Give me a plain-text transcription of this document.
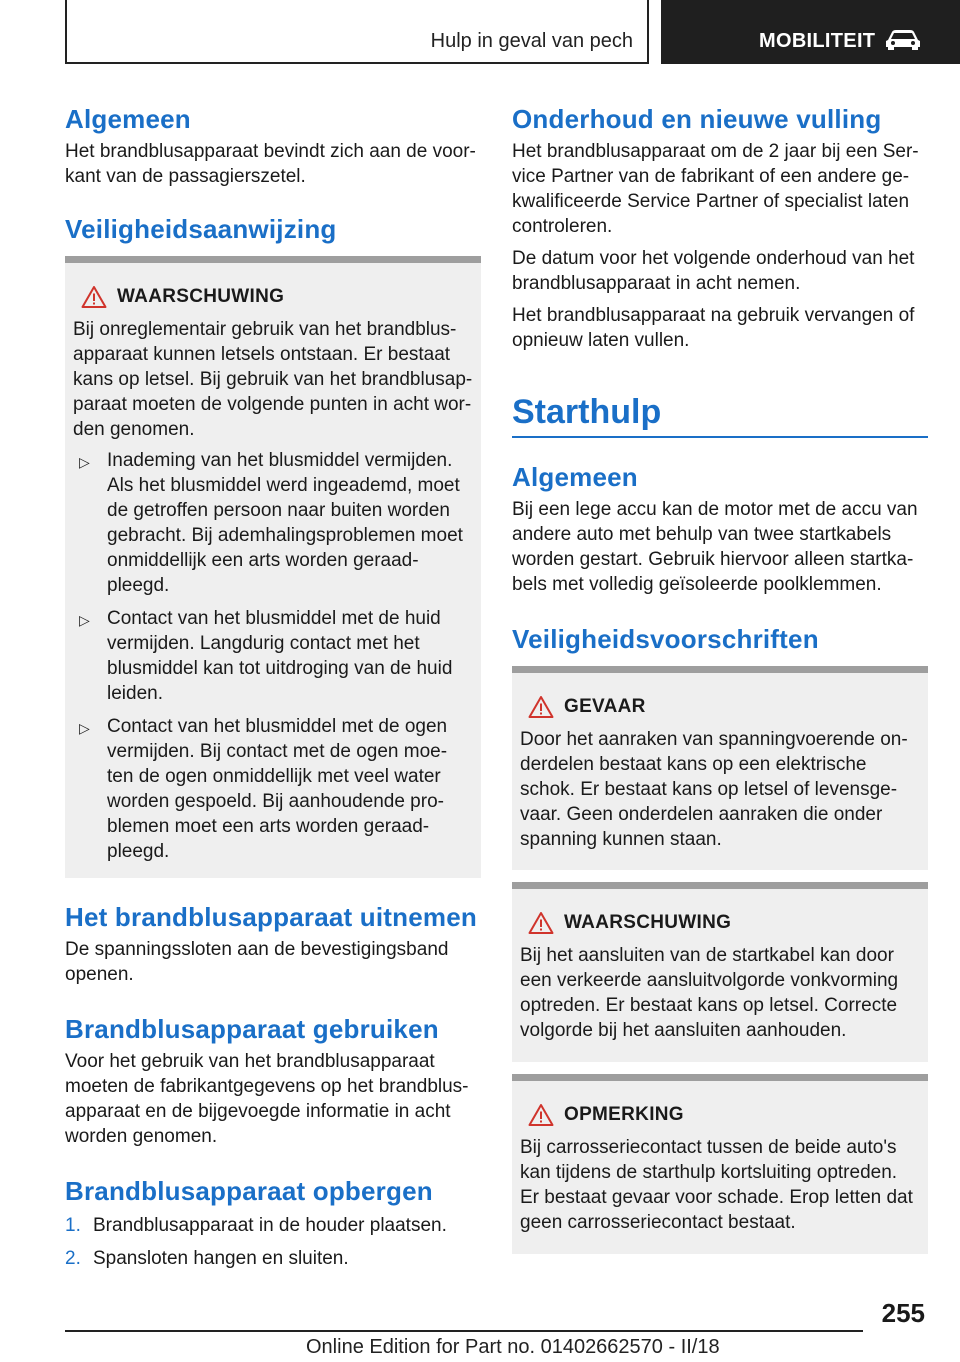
Hulp in geval van pech	MOBILITEIT
Algemeen

Het brandblusapparaat bevindt zich aan de voor-kant van de passagierszetel.

Veiligheidsaanwijzing
WAARSCHUWING

Bij onreglementair gebruik van het brandblus-apparaat kunnen letsels ontstaan. Er bestaat kans op letsel. Bij gebruik van het brandblusap-paraat moeten de volgende punten in acht wor-den genomen.

▷ Inademing van het blusmiddel vermijden. Als het blusmiddel werd ingeademd, moet de getroffen persoon naar buiten worden gebracht. Bij ademhalingsproblemen moet onmiddellijk een arts worden geraad-pleegd.
▷ Contact van het blusmiddel met de huid vermijden. Langdurig contact met het blusmiddel kan tot uitdroging van de huid leiden.
▷ Contact van het blusmiddel met de ogen vermijden. Bij contact met de ogen moe-ten de ogen onmiddellijk met veel water worden gespoeld. Bij aanhoudende pro-blemen moet een arts worden geraad-pleegd.
Het brandblusapparaat uitnemen

De spanningssloten aan de bevestigingsband openen.

Brandblusapparaat gebruiken

Voor het gebruik van het brandblusapparaat moeten de fabrikantgegevens op het brandblus-apparaat en de bijgevoegde informatie in acht worden genomen.

Brandblusapparaat opbergen
1. Brandblusapparaat in de houder plaatsen.
2. Spansloten hangen en sluiten.
Onderhoud en nieuwe vulling

Het brandblusapparaat om de 2 jaar bij een Ser-vice Partner van de fabrikant of een andere ge-kwalificeerde Service Partner of specialist laten controleren.

De datum voor het volgende onderhoud van het brandblusapparaat in acht nemen.

Het brandblusapparaat na gebruik vervangen of opnieuw laten vullen.

Starthulp
Algemeen

Bij een lege accu kan de motor met de accu van andere auto met behulp van twee startkabels worden gestart. Gebruik hiervoor alleen startka-bels met volledig geïsoleerde poolklemmen.

Veiligheidsvoorschriften
GEVAAR

Door het aanraken van spanningvoerende on-derdelen bestaat kans op een elektrische schok. Er bestaat kans op letsel of levensge-vaar. Geen onderdelen aanraken die onder spanning kunnen staan.

WAARSCHUWING

Bij het aansluiten van de startkabel kan door een verkeerde aansluitvolgorde vonkvorming optreden. Er bestaat kans op letsel. Correcte volgorde bij het aansluiten aanhouden.

OPMERKING

Bij carrosseriecontact tussen de beide auto's kan tijdens de starthulp kortsluiting optreden. Er bestaat gevaar voor schade. Erop letten dat geen carrosseriecontact bestaat.

255
Online Edition for Part no. 01402662570 - II/18
